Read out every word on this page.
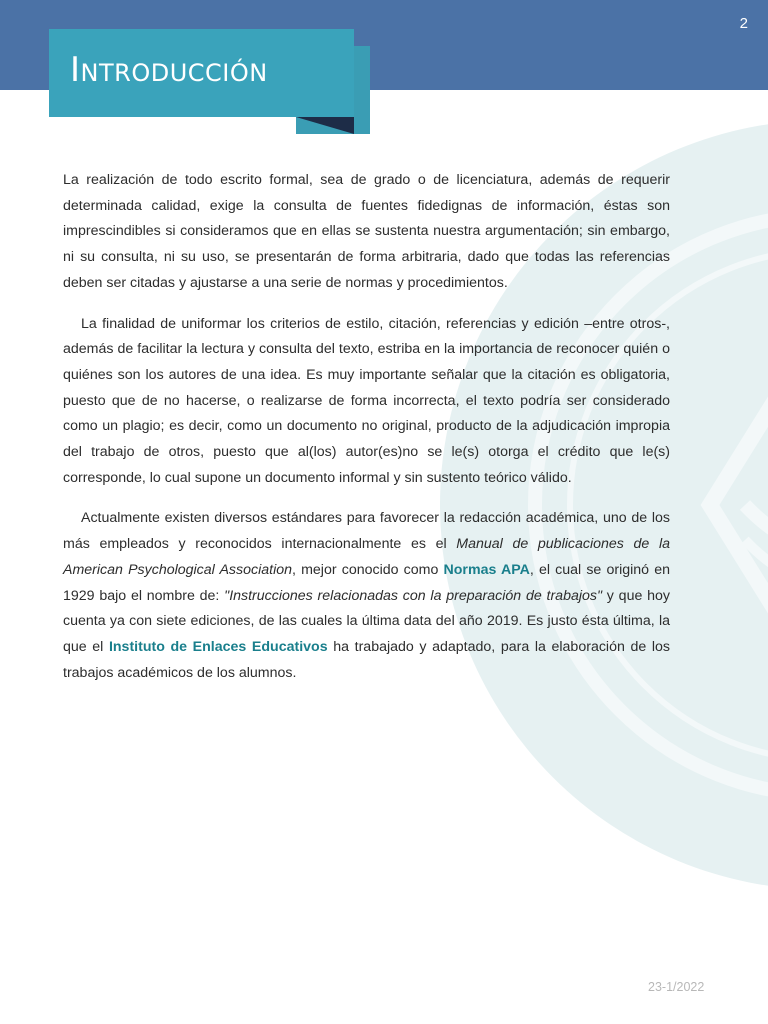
2
Introducción

La realización de todo escrito formal, sea de grado o de licenciatura, además de requerir determinada calidad, exige la consulta de fuentes fidedignas de información, éstas son imprescindibles si consideramos que en ellas se sustenta nuestra argumentación; sin embargo, ni su consulta, ni su uso, se presentarán de forma arbitraria, dado que todas las referencias deben ser citadas y ajustarse a una serie de normas y procedimientos.

La finalidad de uniformar los criterios de estilo, citación, referencias y edición –entre otros-, además de facilitar la lectura y consulta del texto, estriba en la importancia de reconocer quién o quiénes son los autores de una idea. Es muy importante señalar que la citación es obligatoria, puesto que de no hacerse, o realizarse de forma incorrecta, el texto podría ser considerado como un plagio; es decir, como un documento no original, producto de la adjudicación impropia del trabajo de otros, puesto que al(los) autor(es)no se le(s) otorga el crédito que le(s) corresponde, lo cual supone un documento informal y sin sustento teórico válido.

Actualmente existen diversos estándares para favorecer la redacción académica, uno de los más empleados y reconocidos internacionalmente es el Manual de publicaciones de la American Psychological Association, mejor conocido como Normas APA, el cual se originó en 1929 bajo el nombre de: "Instrucciones relacionadas con la preparación de trabajos" y que hoy cuenta ya con siete ediciones, de las cuales la última data del año 2019. Es justo ésta última, la que el Instituto de Enlaces Educativos ha trabajado y adaptado, para la elaboración de los trabajos académicos de los alumnos.

23-1/2022
